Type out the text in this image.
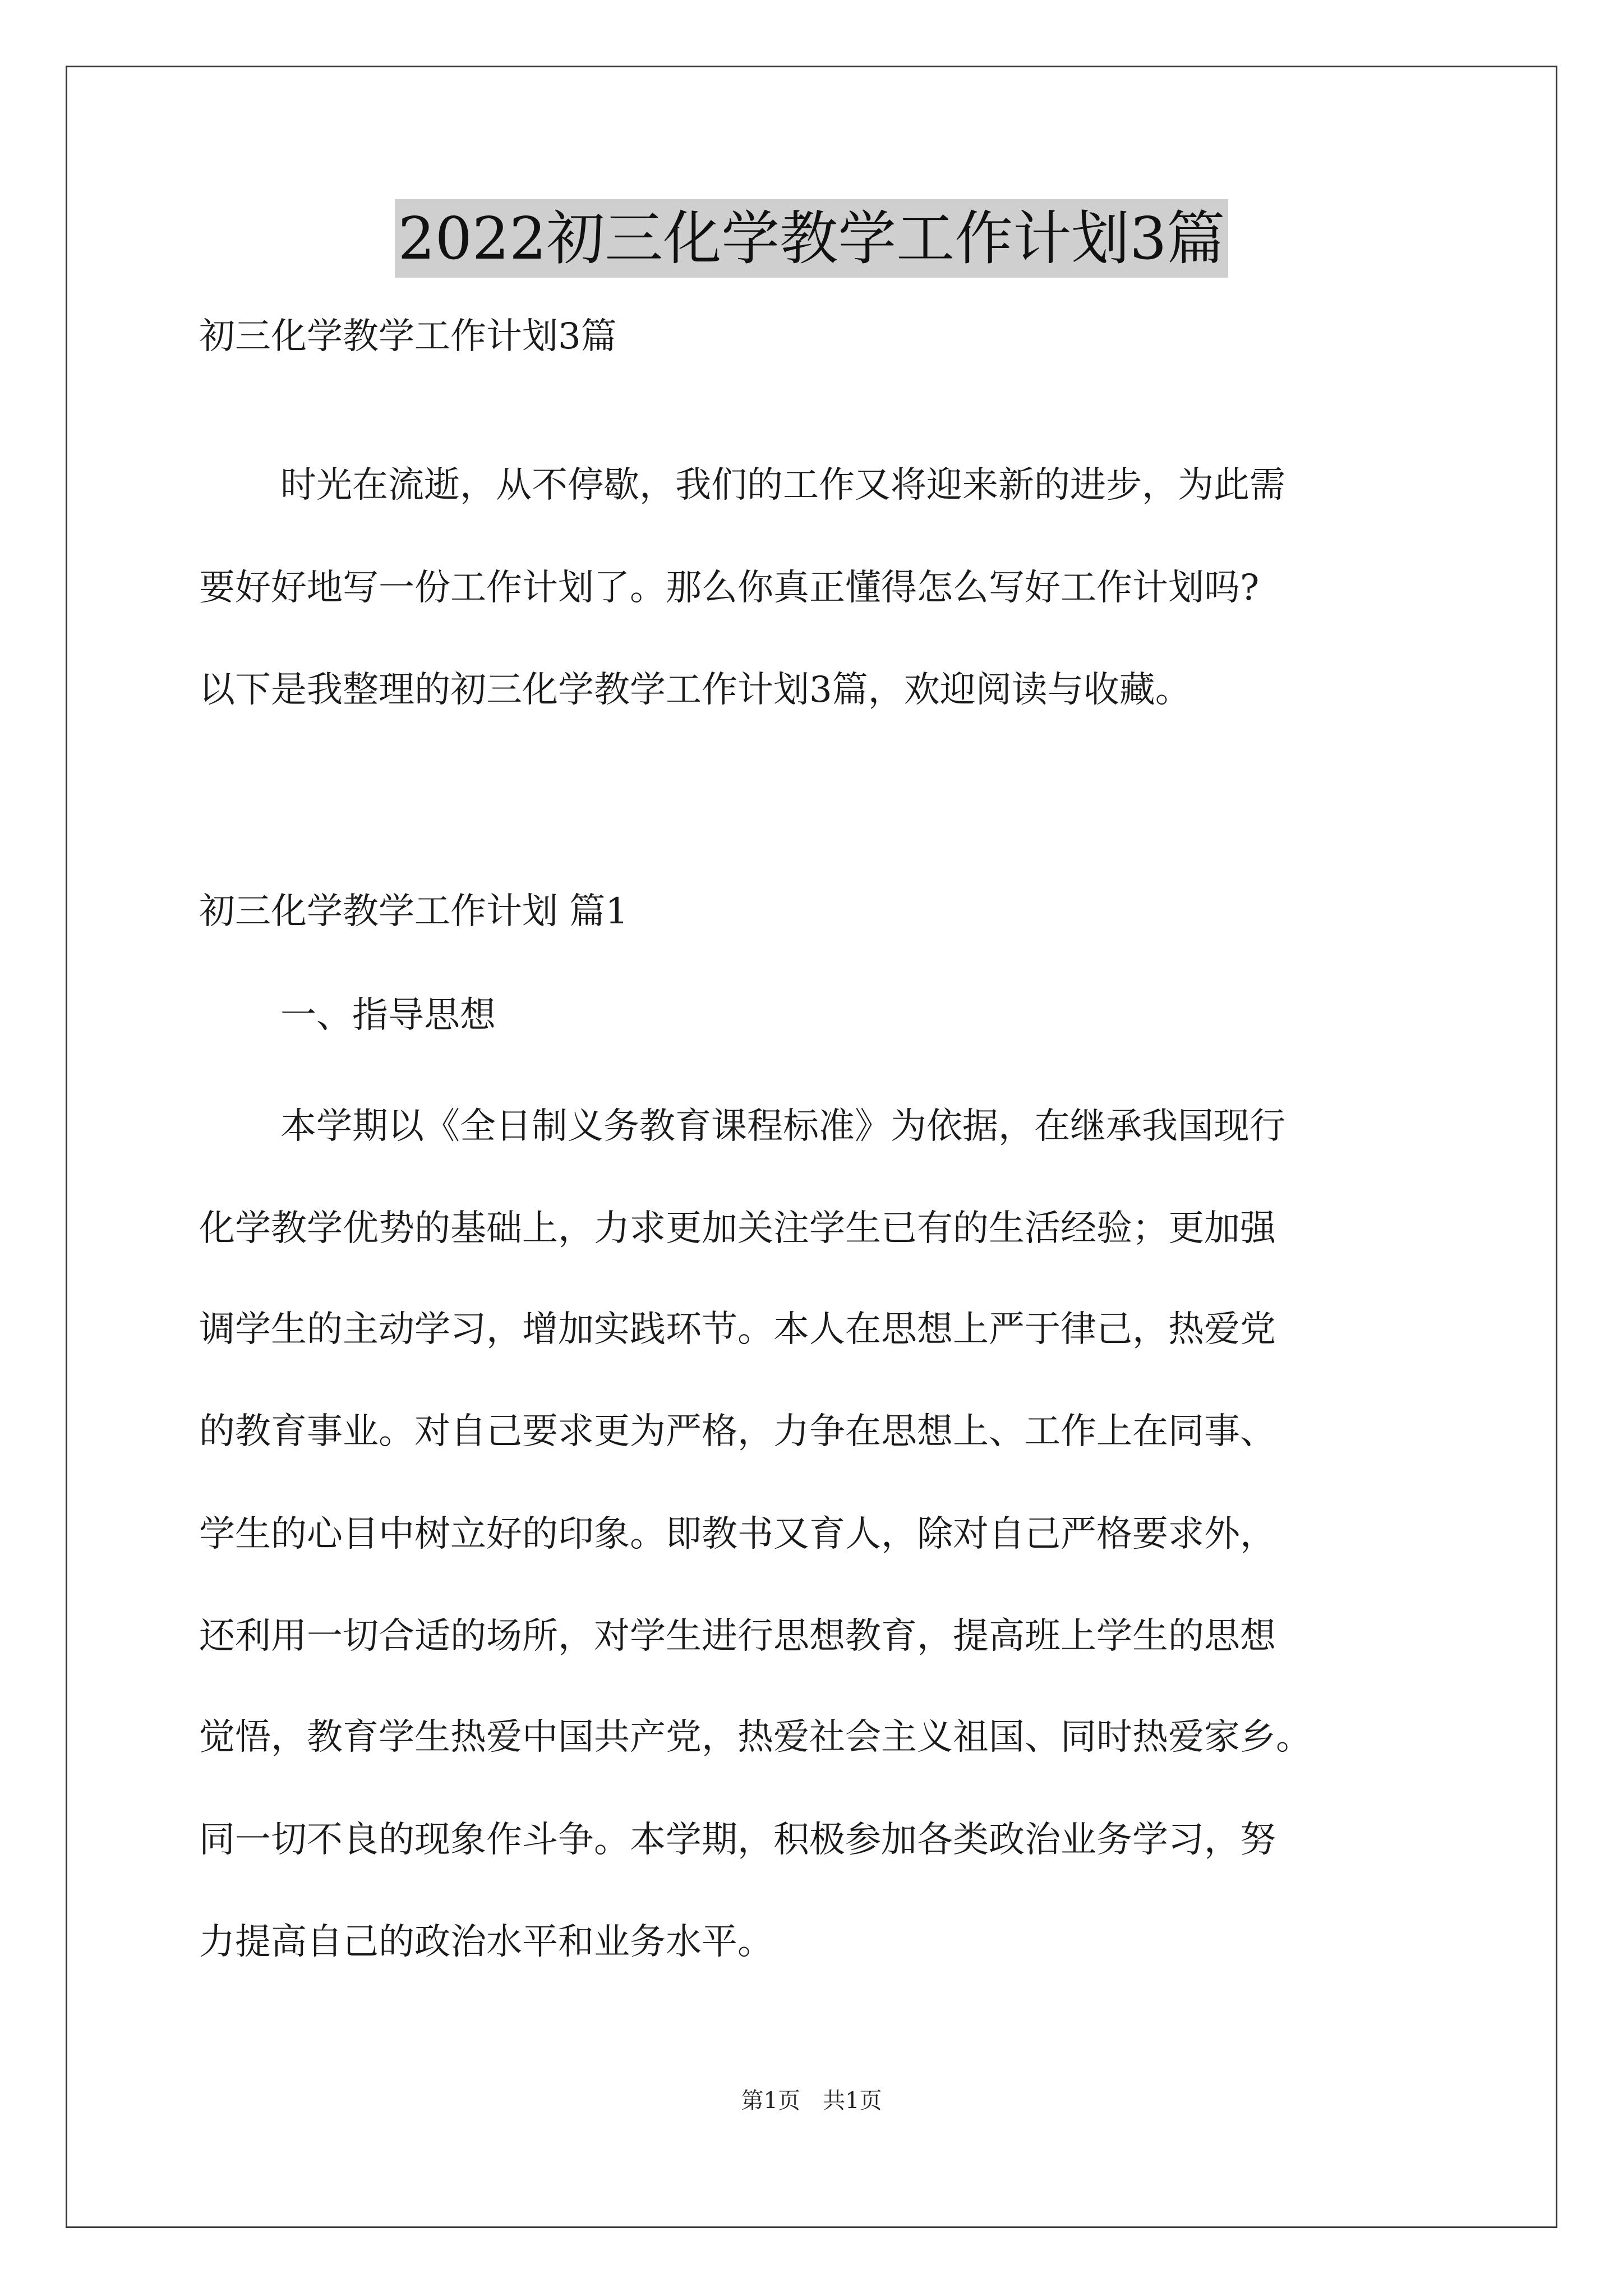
2022初三化学教学工作计划3篇
初三化学教学工作计划3篇
时光在流逝，从不停歇，我们的工作又将迎来新的进步，为此需
要好好地写一份工作计划了。那么你真正懂得怎么写好工作计划吗?
以下是我整理的初三化学教学工作计划3篇，欢迎阅读与收藏。
初三化学教学工作计划 篇1
一、指导思想
本学期以《全日制义务教育课程标准》为依据，在继承我国现行
化学教学优势的基础上，力求更加关注学生已有的生活经验；更加强
调学生的主动学习，增加实践环节。本人在思想上严于律己，热爱党
的教育事业。对自己要求更为严格，力争在思想上、工作上在同事、
学生的心目中树立好的印象。即教书又育人，除对自己严格要求外，
还利用一切合适的场所，对学生进行思想教育，提高班上学生的思想
觉悟，教育学生热爱中国共产党，热爱社会主义祖国、同时热爱家乡。
同一切不良的现象作斗争。本学期，积极参加各类政治业务学习，努
力提高自己的政治水平和业务水平。
第1页　共1页
